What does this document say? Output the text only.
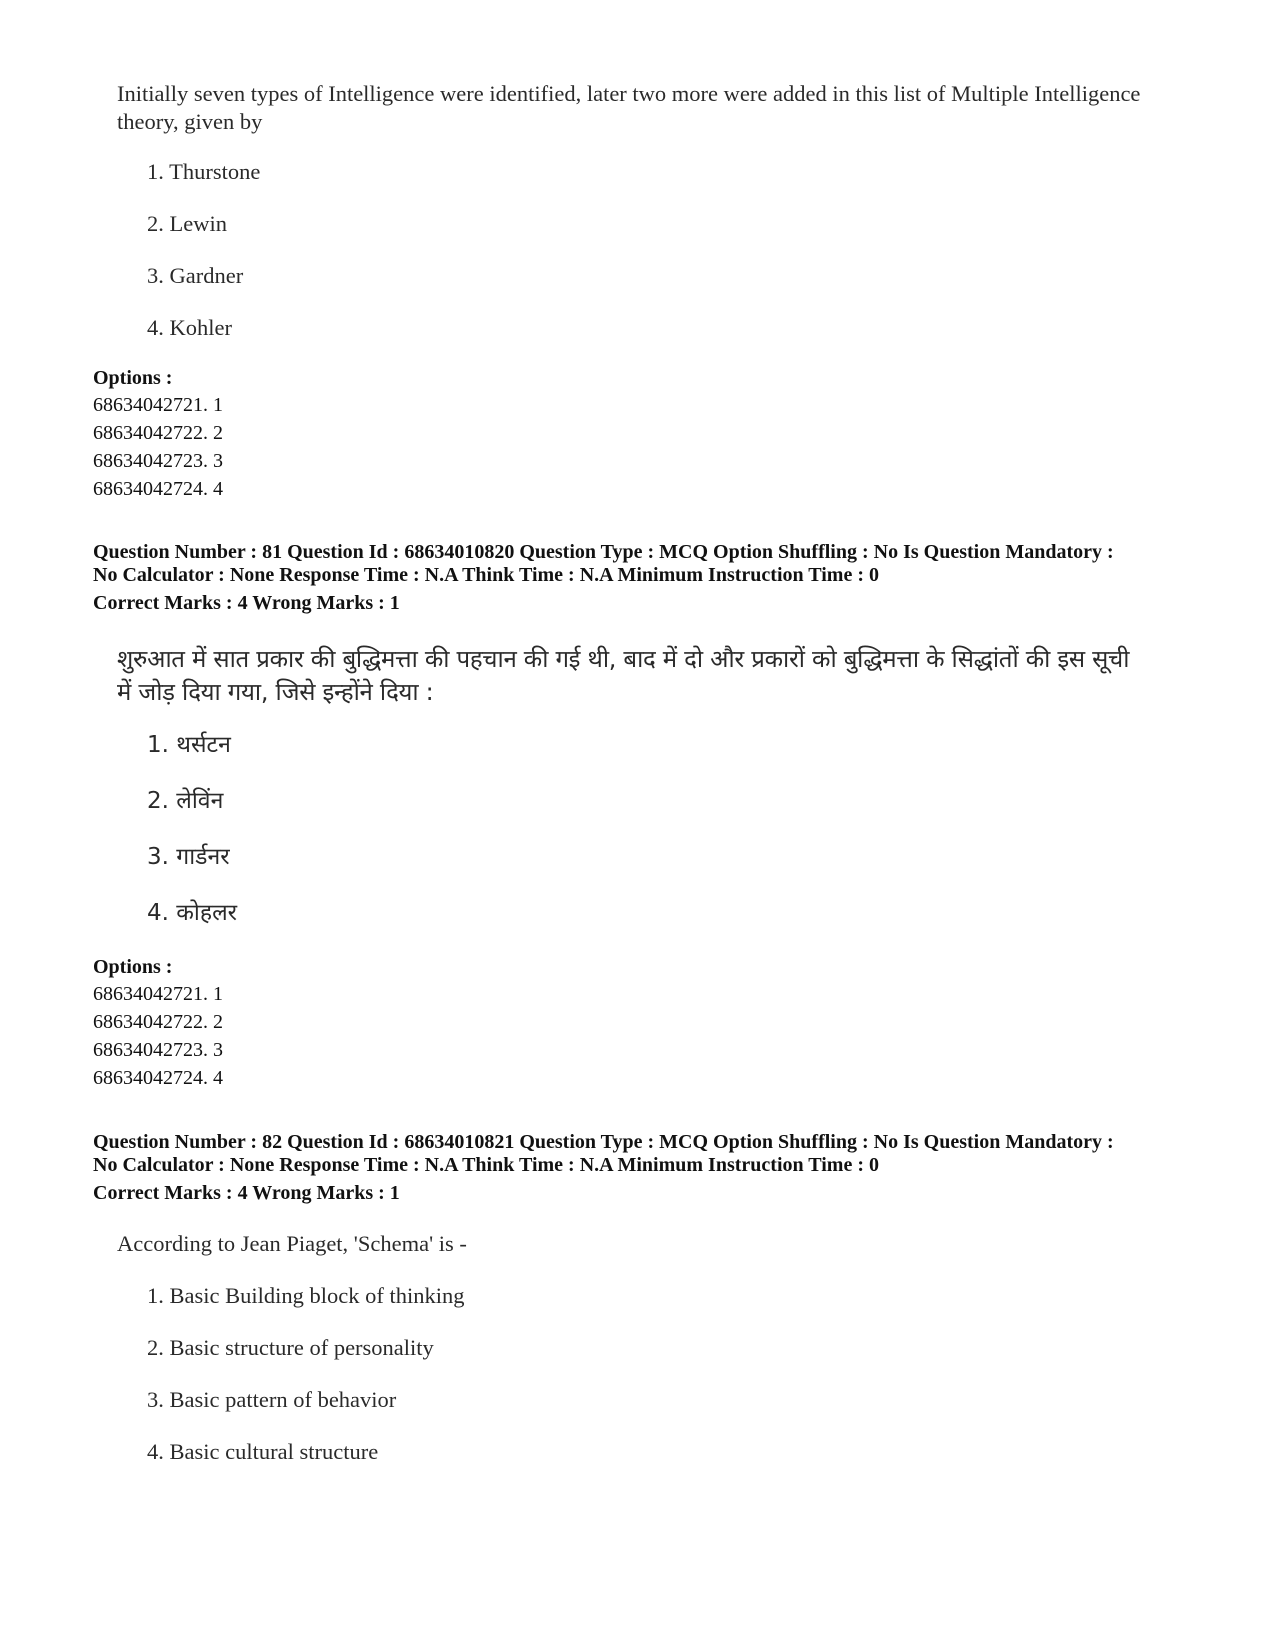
Initially seven types of Intelligence were identified, later two more were added in this list of Multiple Intelligence theory, given by
1. Thurstone
2. Lewin
3. Gardner
4. Kohler
Options :
68634042721. 1
68634042722. 2
68634042723. 3
68634042724. 4
Question Number : 81 Question Id : 68634010820 Question Type : MCQ Option Shuffling : No Is Question Mandatory :
No Calculator : None Response Time : N.A Think Time : N.A Minimum Instruction Time : 0
Correct Marks : 4 Wrong Marks : 1
शुरुआत में सात प्रकार की बुद्धिमत्ता की पहचान की गई थी, बाद में दो और प्रकारों को बुद्धिमत्ता के सिद्धांतों की इस सूची
में जोड़ दिया गया, जिसे इन्होंने दिया :
1. थर्सटन
2. लेविंन
3. गार्डनर
4. कोहलर
Options :
68634042721. 1
68634042722. 2
68634042723. 3
68634042724. 4
Question Number : 82 Question Id : 68634010821 Question Type : MCQ Option Shuffling : No Is Question Mandatory :
No Calculator : None Response Time : N.A Think Time : N.A Minimum Instruction Time : 0
Correct Marks : 4 Wrong Marks : 1
According to Jean Piaget, 'Schema' is -
1. Basic Building block of thinking
2. Basic structure of personality
3. Basic pattern of behavior
4. Basic cultural structure
